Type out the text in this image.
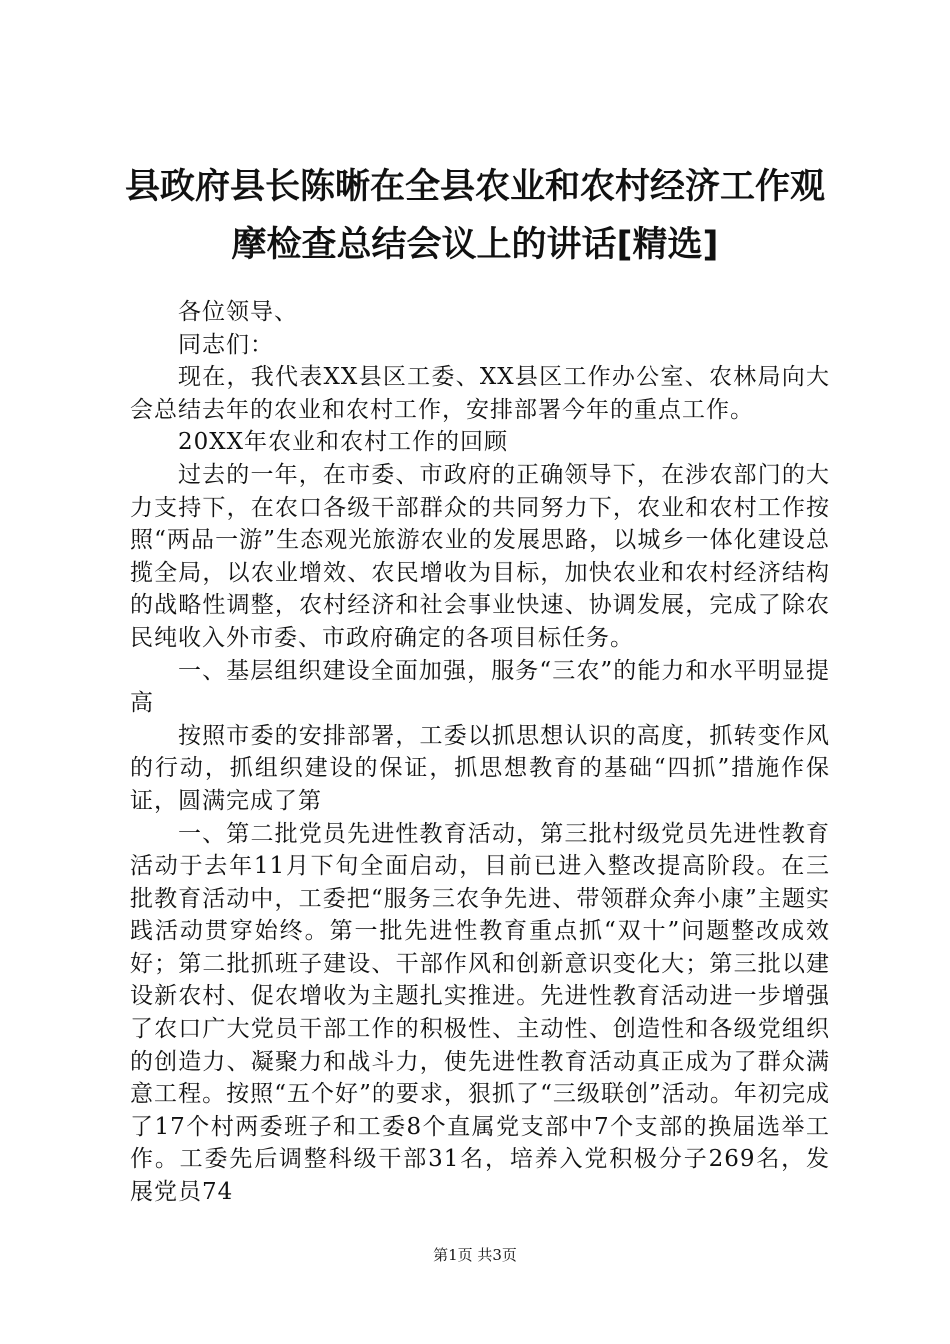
县政府县长陈晰在全县农业和农村经济工作观摩检查总结会议上的讲话[精选]

各位领导、

同志们：

现在，我代表XX县区工委、XX县区工作办公室、农林局向大会总结去年的农业和农村工作，安排部署今年的重点工作。

20XX年农业和农村工作的回顾

过去的一年，在市委、市政府的正确领导下，在涉农部门的大力支持下，在农口各级干部群众的共同努力下，农业和农村工作按照“两品一游”生态观光旅游农业的发展思路，以城乡一体化建设总揽全局，以农业增效、农民增收为目标，加快农业和农村经济结构的战略性调整，农村经济和社会事业快速、协调发展，完成了除农民纯收入外市委、市政府确定的各项目标任务。

一、基层组织建设全面加强，服务“三农”的能力和水平明显提高

按照市委的安排部署，工委以抓思想认识的高度，抓转变作风的行动，抓组织建设的保证，抓思想教育的基础“四抓”措施作保证，圆满完成了第

一、第二批党员先进性教育活动，第三批村级党员先进性教育活动于去年11月下旬全面启动，目前已进入整改提高阶段。在三批教育活动中，工委把“服务三农争先进、带领群众奔小康”主题实践活动贯穿始终。第一批先进性教育重点抓“双十”问题整改成效好；第二批抓班子建设、干部作风和创新意识变化大；第三批以建设新农村、促农增收为主题扎实推进。先进性教育活动进一步增强了农口广大党员干部工作的积极性、主动性、创造性和各级党组织的创造力、凝聚力和战斗力，使先进性教育活动真正成为了群众满意工程。按照“五个好”的要求，狠抓了“三级联创”活动。年初完成了17个村两委班子和工委8个直属党支部中7个支部的换届选举工作。工委先后调整科级干部31名，培养入党积极分子269名，发展党员74

第1页 共3页
